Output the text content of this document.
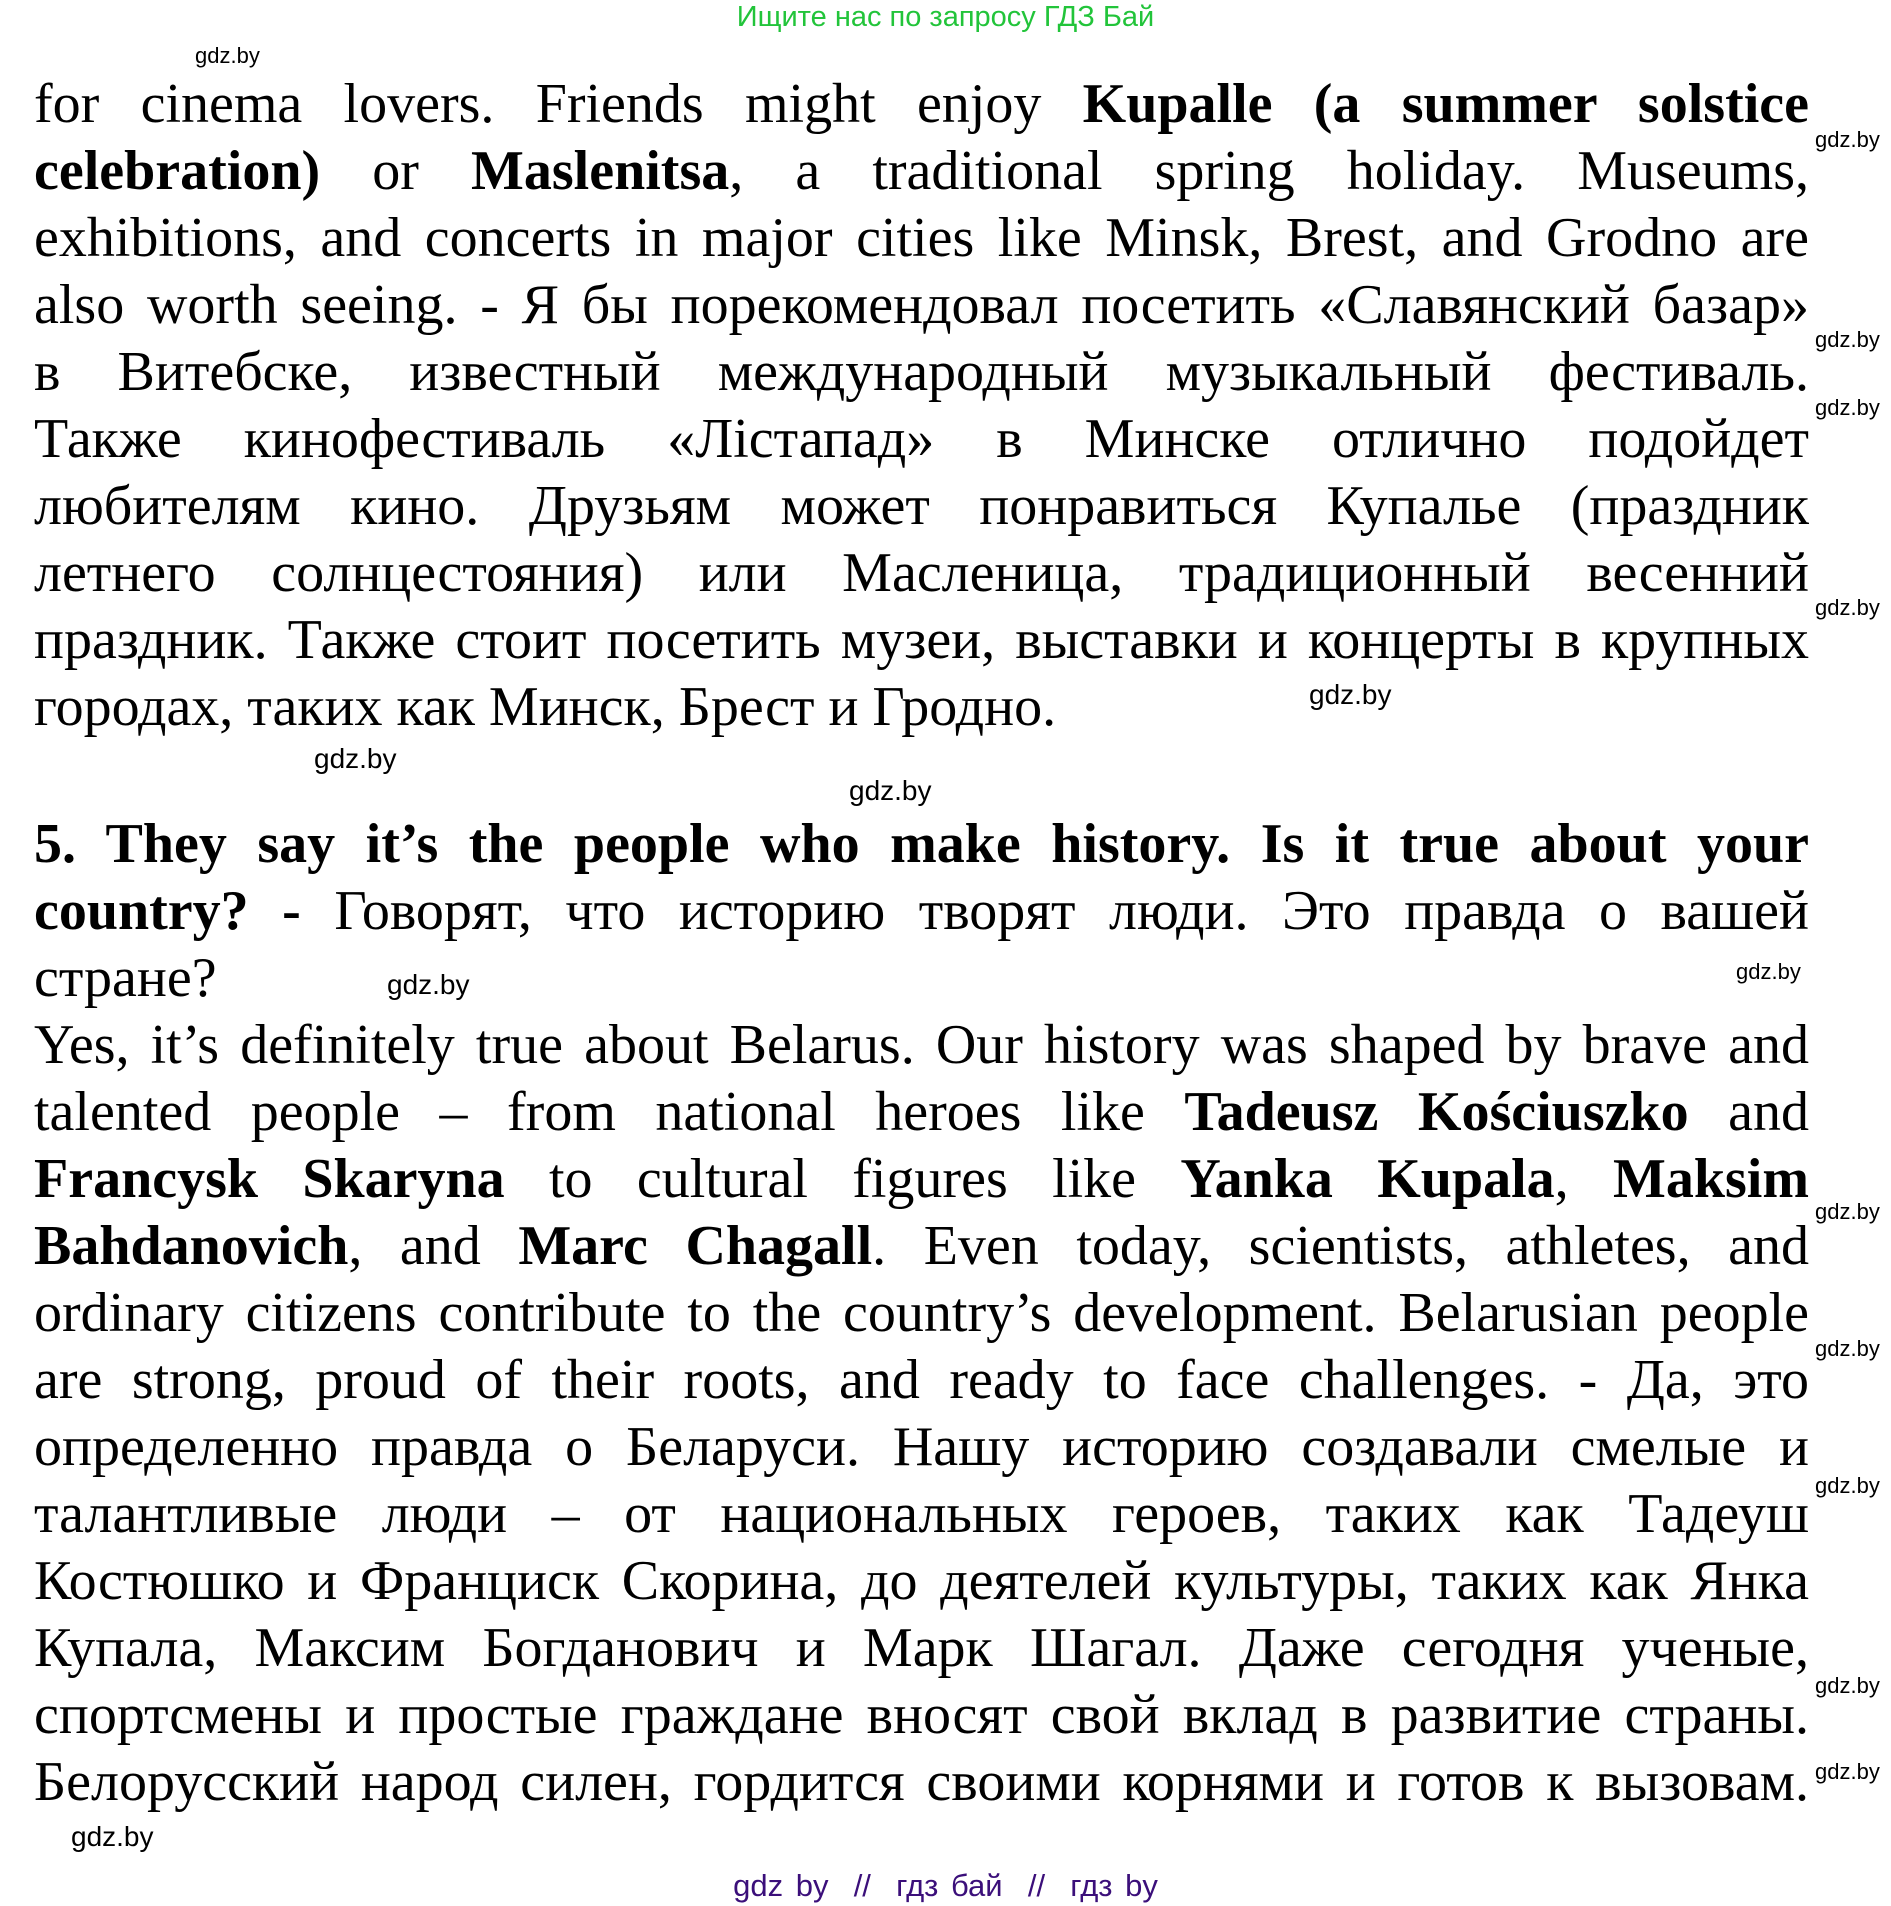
Ищите нас по запросу ГДЗ Бай
for cinema lovers. Friends might enjoy Kupalle (a summer solstice
celebration) or Maslenitsa, a traditional spring holiday. Museums,
exhibitions, and concerts in major cities like Minsk, Brest, and Grodno are
also worth seeing. - Я бы порекомендовал посетить «Славянский базар»
в Витебске, известный международный музыкальный фестиваль.
Также кинофестиваль «Лістапад» в Минске отлично подойдет
любителям кино. Друзьям может понравиться Купалье (праздник
летнего солнцестояния) или Масленица, традиционный весенний
праздник. Также стоит посетить музеи, выставки и концерты в крупных
городах, таких как Минск, Брест и Гродно.
5. They say it’s the people who make history. Is it true about your
country? - Говорят, что историю творят люди. Это правда о вашей
стране?
Yes, it’s definitely true about Belarus. Our history was shaped by brave and
talented people – from national heroes like Tadeusz Kościuszko and
Francysk Skaryna to cultural figures like Yanka Kupala, Maksim
Bahdanovich, and Marc Chagall. Even today, scientists, athletes, and
ordinary citizens contribute to the country’s development. Belarusian people
are strong, proud of their roots, and ready to face challenges. - Да, это
определенно правда о Беларуси. Нашу историю создавали смелые и
талантливые люди – от национальных героев, таких как Тадеуш
Костюшко и Франциск Скорина, до деятелей культуры, таких как Янка
Купала, Максим Богданович и Марк Шагал. Даже сегодня ученые,
спортсмены и простые граждане вносят свой вклад в развитие страны.
Белорусский народ силен, гордится своими корнями и готов к вызовам.
gdz.by
gdz.by
gdz.by
gdz.by
gdz.by
gdz.by
gdz.by
gdz.by
gdz.by
gdz.by
gdz.by
gdz.by
gdz.by
gdz.by
gdz.by
gdz.by
gdz by // гдз бай // гдз by
